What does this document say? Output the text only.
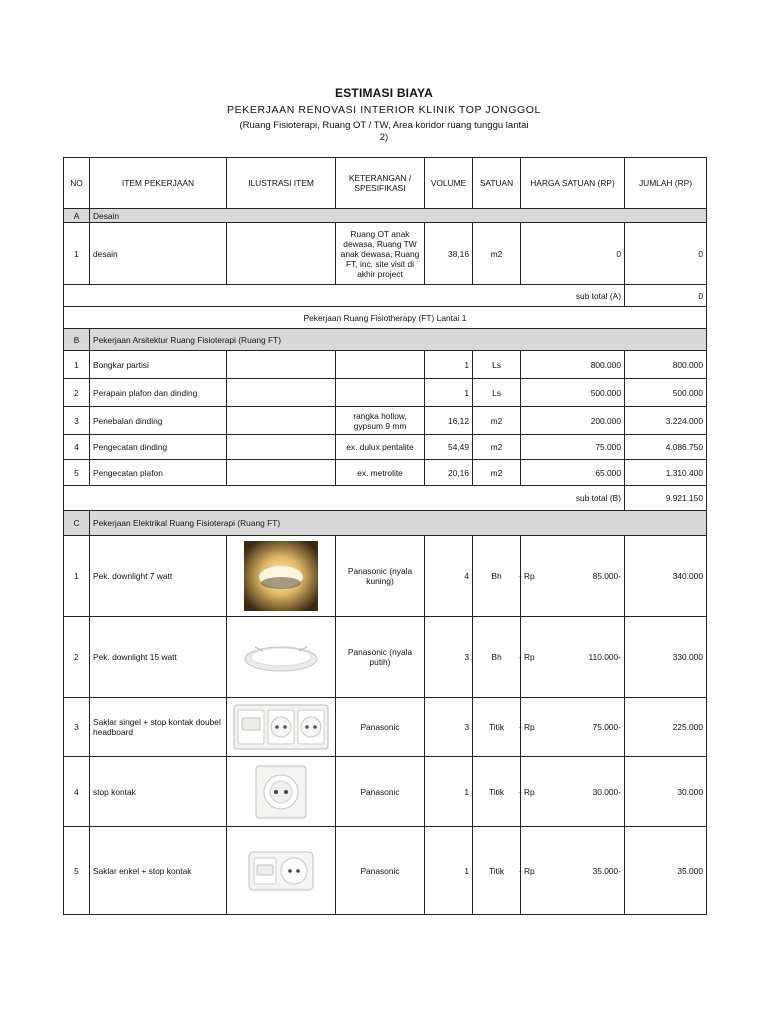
ESTIMASI BIAYA
PEKERJAAN RENOVASI INTERIOR KLINIK TOP JONGGOL
(Ruang Fisioterapi, Ruang OT / TW, Area koridor ruang tunggu lantai
2)
NO	ITEM PEKERJAAN	ILUSTRASI ITEM	KETERANGAN / SPESIFIKASI	VOLUME	SATUAN	HARGA SATUAN (RP)	JUMLAH (RP)
A	Desain						
1	desain		Ruang OT anak dewasa, Ruang TW anak dewasa, Ruang FT, inc. site visit di akhir project	38,16	m2	0	0
sub total (A)							0
Pekerjaan Ruang Fisiotherapy (FT) Lantai 1							
B	Pekerjaan Arsitektur Ruang Fisioterapi (Ruang FT)						
1	Bongkar partisi			1	Ls	800.000	800.000
2	Perapain plafon dan dinding			1	Ls	500.000	500.000
3	Penebalan dinding		rangka hollow, gypsum 9 mm	16,12	m2	200.000	3.224.000
4	Pengecatan dinding		ex. dulux pentalite	54,49	m2	75.000	4.086.750
5	Pengecatan plafon		ex. metrolite	20,16	m2	65.000	1.310.400
sub total (B)							9.921.150
C	Pekerjaan Elektrikal Ruang Fisioterapi (Ruang FT)						
1	Pek. downlight 7 watt		Panasonic (nyala kuning)	4	Bh	- Rp 85.000-	340.000
2	Pek. downlight 15 watt		Panasonic (nyala putih)	3	Bh	- Rp 110.000-	330.000
3	Saklar singel + stop kontak doubel headboard		Panasonic	3	Titik	- Rp 75.000-	225.000
4	stop kontak		Panasonic	1	Titik	- Rp 30.000-	30.000
5	Saklar enkel + stop kontak		Panasonic	1	Titik	- Rp 35.000-	35.000
